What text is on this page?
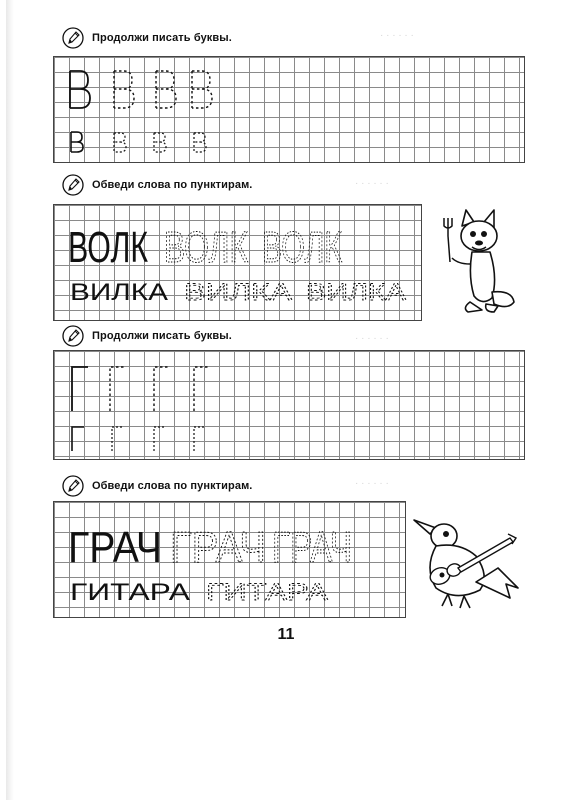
Продолжи писать буквы.
Обведи слова по пунктирам.
ВОЛК ВОЛК ВОЛК
ВИЛКА ВИЛКА ВИЛКА
Продолжи писать буквы.
Обведи слова по пунктирам.
ГРАЧ ГРАЧ ГРАЧ
ГИТАРА ГИТАРА
· · · · · ·
· · · · · ·
· · · · · ·
· · · · · ·
11
